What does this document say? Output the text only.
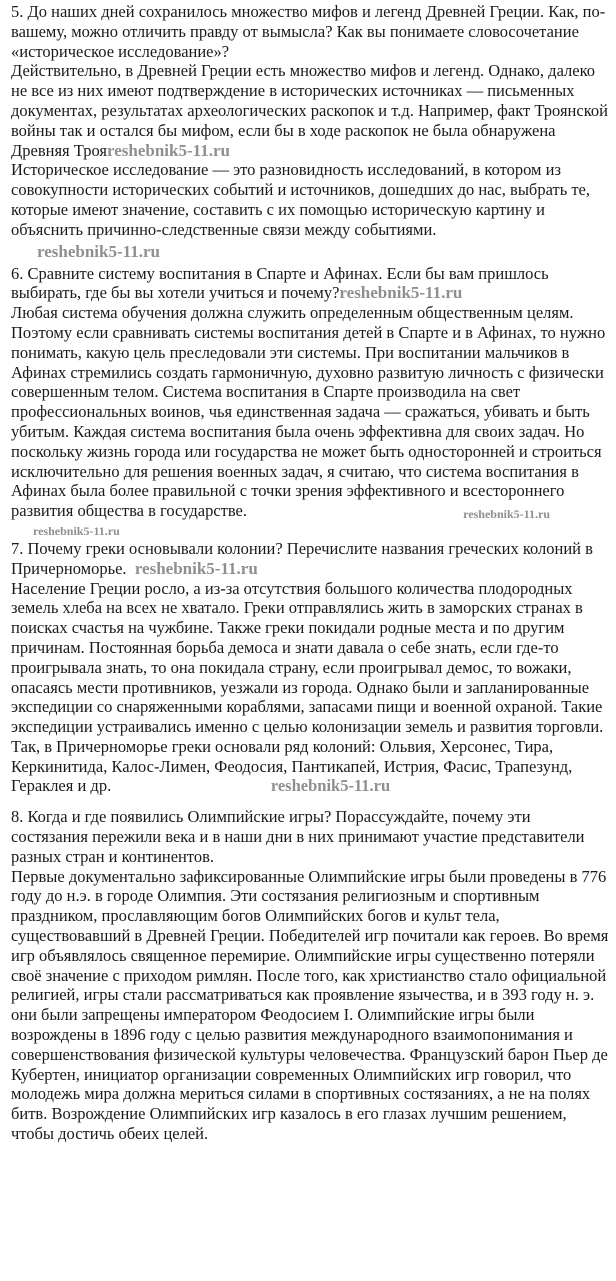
5. До наших дней сохранилось множество мифов и легенд Древней Греции. Как, по-вашему, можно отличить правду от вымысла? Как вы понимаете словосочетание «историческое исследование»?

Действительно, в Древней Греции есть множество мифов и легенд. Однако, далеко не все из них имеют подтверждение в исторических источниках — письменных документах, результатах археологических раскопок и т.д. Например, факт Троянской войны так и остался бы мифом, если бы в ходе раскопок не была обнаружена Древняя Трояreshebnik5-11.ru

Историческое исследование — это разновидность исследований, в котором из совокупности исторических событий и источников, дошедших до нас, выбрать те, которые имеют значение, составить с их помощью историческую картину и объяснить причинно-следственные связи между событиями.

reshebnik5-11.ru

6. Сравните систему воспитания в Спарте и Афинах. Если бы вам пришлось выбирать, где бы вы хотели учиться и почему?reshebnik5-11.ru

Любая система обучения должна служить определенным общественным целям. Поэтому если сравнивать системы воспитания детей в Спарте и в Афинах, то нужно понимать, какую цель преследовали эти системы. При воспитании мальчиков в Афинах стремились создать гармоничную, духовно развитую личность с физически совершенным телом. Система воспитания в Спарте производила на свет профессиональных воинов, чья единственная задача — сражаться, убивать и быть убитым. Каждая система воспитания была очень эффективна для своих задач. Но поскольку жизнь города или государства не может быть односторонней и строиться исключительно для решения военных задач, я считаю, что система воспитания в Афинах была более правильной с точки зрения эффективного и всестороннего развития общества в государстве.	reshebnik5-11.ru
reshebnik5-11.ru

7. Почему греки основывали колонии? Перечислите названия греческих колоний в Причерноморье. reshebnik5-11.ru

Население Греции росло, а из-за отсутствия большого количества плодородных земель хлеба на всех не хватало. Греки отправлялись жить в заморских странах в поисках счастья на чужбине. Также греки покидали родные места и по другим причинам. Постоянная борьба демоса и знати давала о себе знать, если где-то проигрывала знать, то она покидала страну, если проигрывал демос, то вожаки, опасаясь мести противников, уезжали из города. Однако были и запланированные экспедиции со снаряженными кораблями, запасами пищи и военной охраной. Такие экспедиции устраивались именно с целью колонизации земель и развития торговли. Так, в Причерноморье греки основали ряд колоний: Ольвия, Херсонес, Тира, Керкинитида, Калос-Лимен, Феодосия, Пантикапей, Истрия, Фасис, Трапезунд, Гераклея и др.	reshebnik5-11.ru

8. Когда и где появились Олимпийские игры? Порассуждайте, почему эти состязания пережили века и в наши дни в них принимают участие представители разных стран и континентов.

Первые документально зафиксированные Олимпийские игры были проведены в 776 году до н.э. в городе Олимпия. Эти состязания религиозным и спортивным праздником, прославляющим богов Олимпийских богов и культ тела, существовавший в Древней Греции. Победителей игр почитали как героев. Во время игр объявлялось священное перемирие. Олимпийские игры существенно потеряли своё значение с приходом римлян. После того, как христианство стало официальной религией, игры стали рассматриваться как проявление язычества, и в 393 году н. э. они были запрещены императором Феодосием I. Олимпийские игры были возрождены в 1896 году с целью развития международного взаимопонимания и совершенствования физической культуры человечества. Французский барон Пьер де Кубертен, инициатор организации современных Олимпийских игр говорил, что молодежь мира должна мериться силами в спортивных состязаниях, а не на полях битв. Возрождение Олимпийских игр казалось в его глазах лучшим решением, чтобы достичь обеих целей.
